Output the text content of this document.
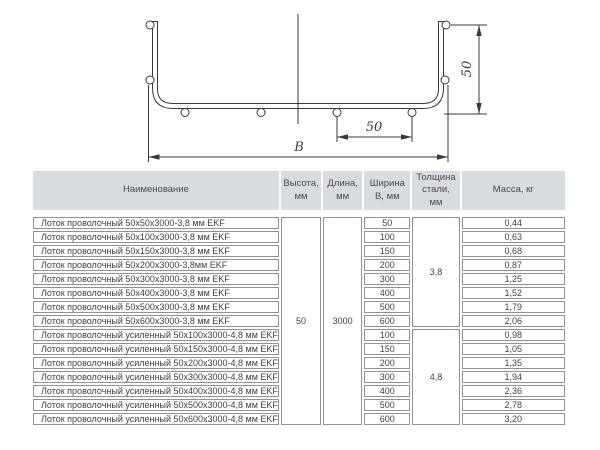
50
50
B
Наименование	Высота, мм	Длина, мм	Ширина В, мм	Толщина стали, мм	Масса, кг
Лоток проволочный 50х50х3000-3,8 мм EKF	50	3000	50	3,8	0,44
Лоток проволочный 50х100х3000-3,8 мм EKF			100		0,63
Лоток проволочный 50х150х3000-3,8 мм EKF			150		0,68
Лоток проволочный 50х200х3000-3,8мм EKF			200		0,87
Лоток проволочный 50х300х3000-3,8 мм EKF			300		1,25
Лоток проволочный 50х400х3000-3,8 мм EKF			400		1,52
Лоток проволочный 50х500х3000-3,8 мм EKF			500		1,79
Лоток проволочный 50х600х3000-3,8 мм EKF			600		2,06
Лоток проволочный усиленный 50х100х3000-4,8 мм EKF			100	4,8	0,98
Лоток проволочный усиленный 50х150х3000-4,8 мм EKF			150		1,05
Лоток проволочный усиленный 50х200х3000-4,8 мм EKF			200		1,35
Лоток проволочный усиленный 50х300х3000-4,8 мм EKF			300		1,94
Лоток проволочный усиленный 50х400х3000-4,8 мм EKF			400		2,36
Лоток проволочный усиленный 50х500х3000-4,8 мм EKF			500		2,78
Лоток проволочный усиленный 50х600х3000-4,8 мм EKF			600		3,20
